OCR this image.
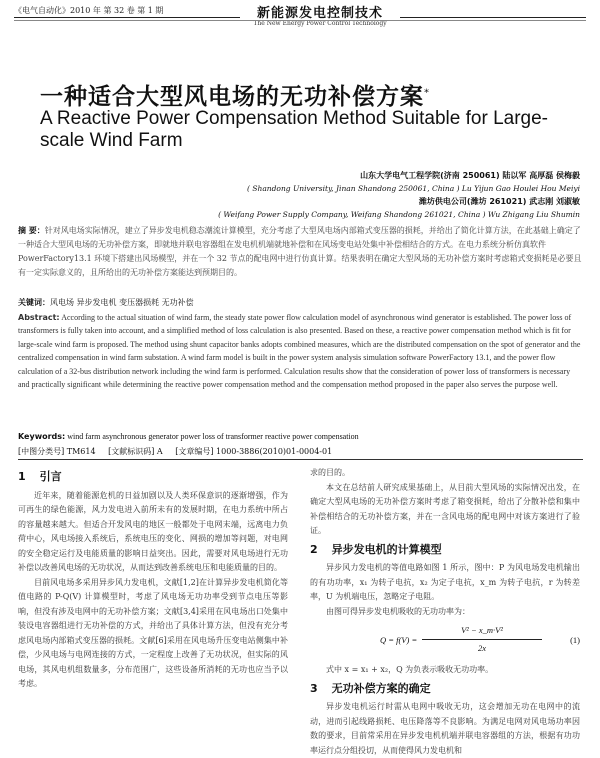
《电气自动化》2010 年 第 32 卷 第 1 期	新能源发电控制技术
The New Energy Power Control Technology
一种适合大型风电场的无功补偿方案*
A Reactive Power Compensation Method Suitable for Large-scale Wind Farm
山东大学电气工程学院(济南 250061) 陆以军 高厚磊 侯梅毅
( Shandong University, Jinan Shandong 250061, China ) Lu Yijun Gao Houlei Hou Meiyi
潍坊供电公司(潍坊 261021) 武志刚 刘淑敏
( Weifang Power Supply Company, Weifang Shandong 261021, China ) Wu Zhigang Liu Shumin
摘 要：针对风电场实际情况，建立了异步发电机稳态潮流计算模型，充分考虑了大型风电场内部箱式变压器的损耗，并给出了简化计算方法，在此基础上确定了一种适合大型风电场的无功补偿方案，即就地并联电容器组在发电机机端就地补偿和在风场变电站处集中补偿相结合的方式。在电力系统分析仿真软件 PowerFactory13.1 环境下搭建出风场模型，并在一个 32 节点的配电网中进行仿真计算。结果表明在确定大型风场的无功补偿方案时考虑箱式变损耗是必要且有一定实际意义的，且所给出的无功补偿方案能达到预期目的。
关键词：风电场 异步发电机 变压器损耗 无功补偿
Abstract: According to the actual situation of wind farm, the steady state power flow calculation model of asynchronous wind generator is established. The power loss of transformers is fully taken into account, and a simplified method of loss calculation is also presented. Based on these, a reactive power compensation method which is fit for large-scale wind farm is proposed. The method using shunt capacitor banks adopts combined measures, which are the distributed compensation on the spot of generator and the centralized compensation in wind farm substation. A wind farm model is built in the power system analysis simulation software PowerFactory 13.1, and the power flow calculation of a 32-bus distribution network including the wind farm is performed. Calculation results show that the consideration of power loss of transformers is necessary and practically significant while determining the reactive power compensation method and the compensation method proposed in the paper also serves the purpose well.
Keywords: wind farm asynchronous generator power loss of transformer reactive power compensation
[中图分类号] TM614 [文献标识码] A [文章编号] 1000-3886(2010)01-0004-01
1 引言
近年来，随着能源危机的日益加剧以及人类环保意识的逐渐增强，作为可再生的绿色能源，风力发电进入前所未有的发展时期，在电力系统中所占的容量越来越大。但适合开发风电的地区一般都处于电网末端，远离电力负荷中心，风电场接入系统后，系统电压的变化、网损的增加等问题，对电网的安全稳定运行及电能质量的影响日益突出。因此，需要对风电场进行无功补偿以改善风电场的无功状况，从而达到改善系统电压和电能质量的目的。
目前风电场多采用异步风力发电机，文献[1,2]在计算异步发电机简化等值电路的 P-Q(V) 计算模型时，考虑了风电场无功功率受到节点电压等影响，但没有涉及电网中的无功补偿方案；文献[3,4]采用在风电场出口处集中装设电容器组进行无功补偿的方式，并给出了具体计算方法，但没有充分考虑风电场内部箱式变压器的损耗。文献[6]采用在风电场升压变电站侧集中补偿，少风电场与电网连接的方式，一定程度上改善了无功状况，但实际的风电场，其风电机组数量多，分布范围广，这些设备所消耗的无功也应当予以考虑。
求的目的。
本文在总结前人研究成果基础上，从目前大型风场的实际情况出发，在确定大型风电场的无功补偿方案时考虑了箱变损耗，给出了分散补偿和集中补偿相结合的无功补偿方案，并在一含风电场的配电网中对该方案进行了验证。
2 异步发电机的计算模型
异步风力发电机的等值电路如图 1 所示，图中：P 为风电场发电机输出的有功功率，x₁ 为转子电抗，x₂ 为定子电抗，x_m 为转子电抗，r 为转差率，U 为机端电压，忽略定子电阻。
由图可得异步发电机吸收的无功功率为：
Q = f(V) =
V² − x_m·V²
2x
(1)
式中 x = x₁ + x₂，Q 为负表示吸收无功功率。
3 无功补偿方案的确定
异步发电机运行时需从电网中吸收无功，这会增加无功在电网中的流动，进而引起线路损耗、电压降落等不良影响。为满足电网对风电场功率因数的要求，目前常采用在异步发电机机端并联电容器组的方法，根据有功功率运行点分组投切，从而使得风力发电机和
